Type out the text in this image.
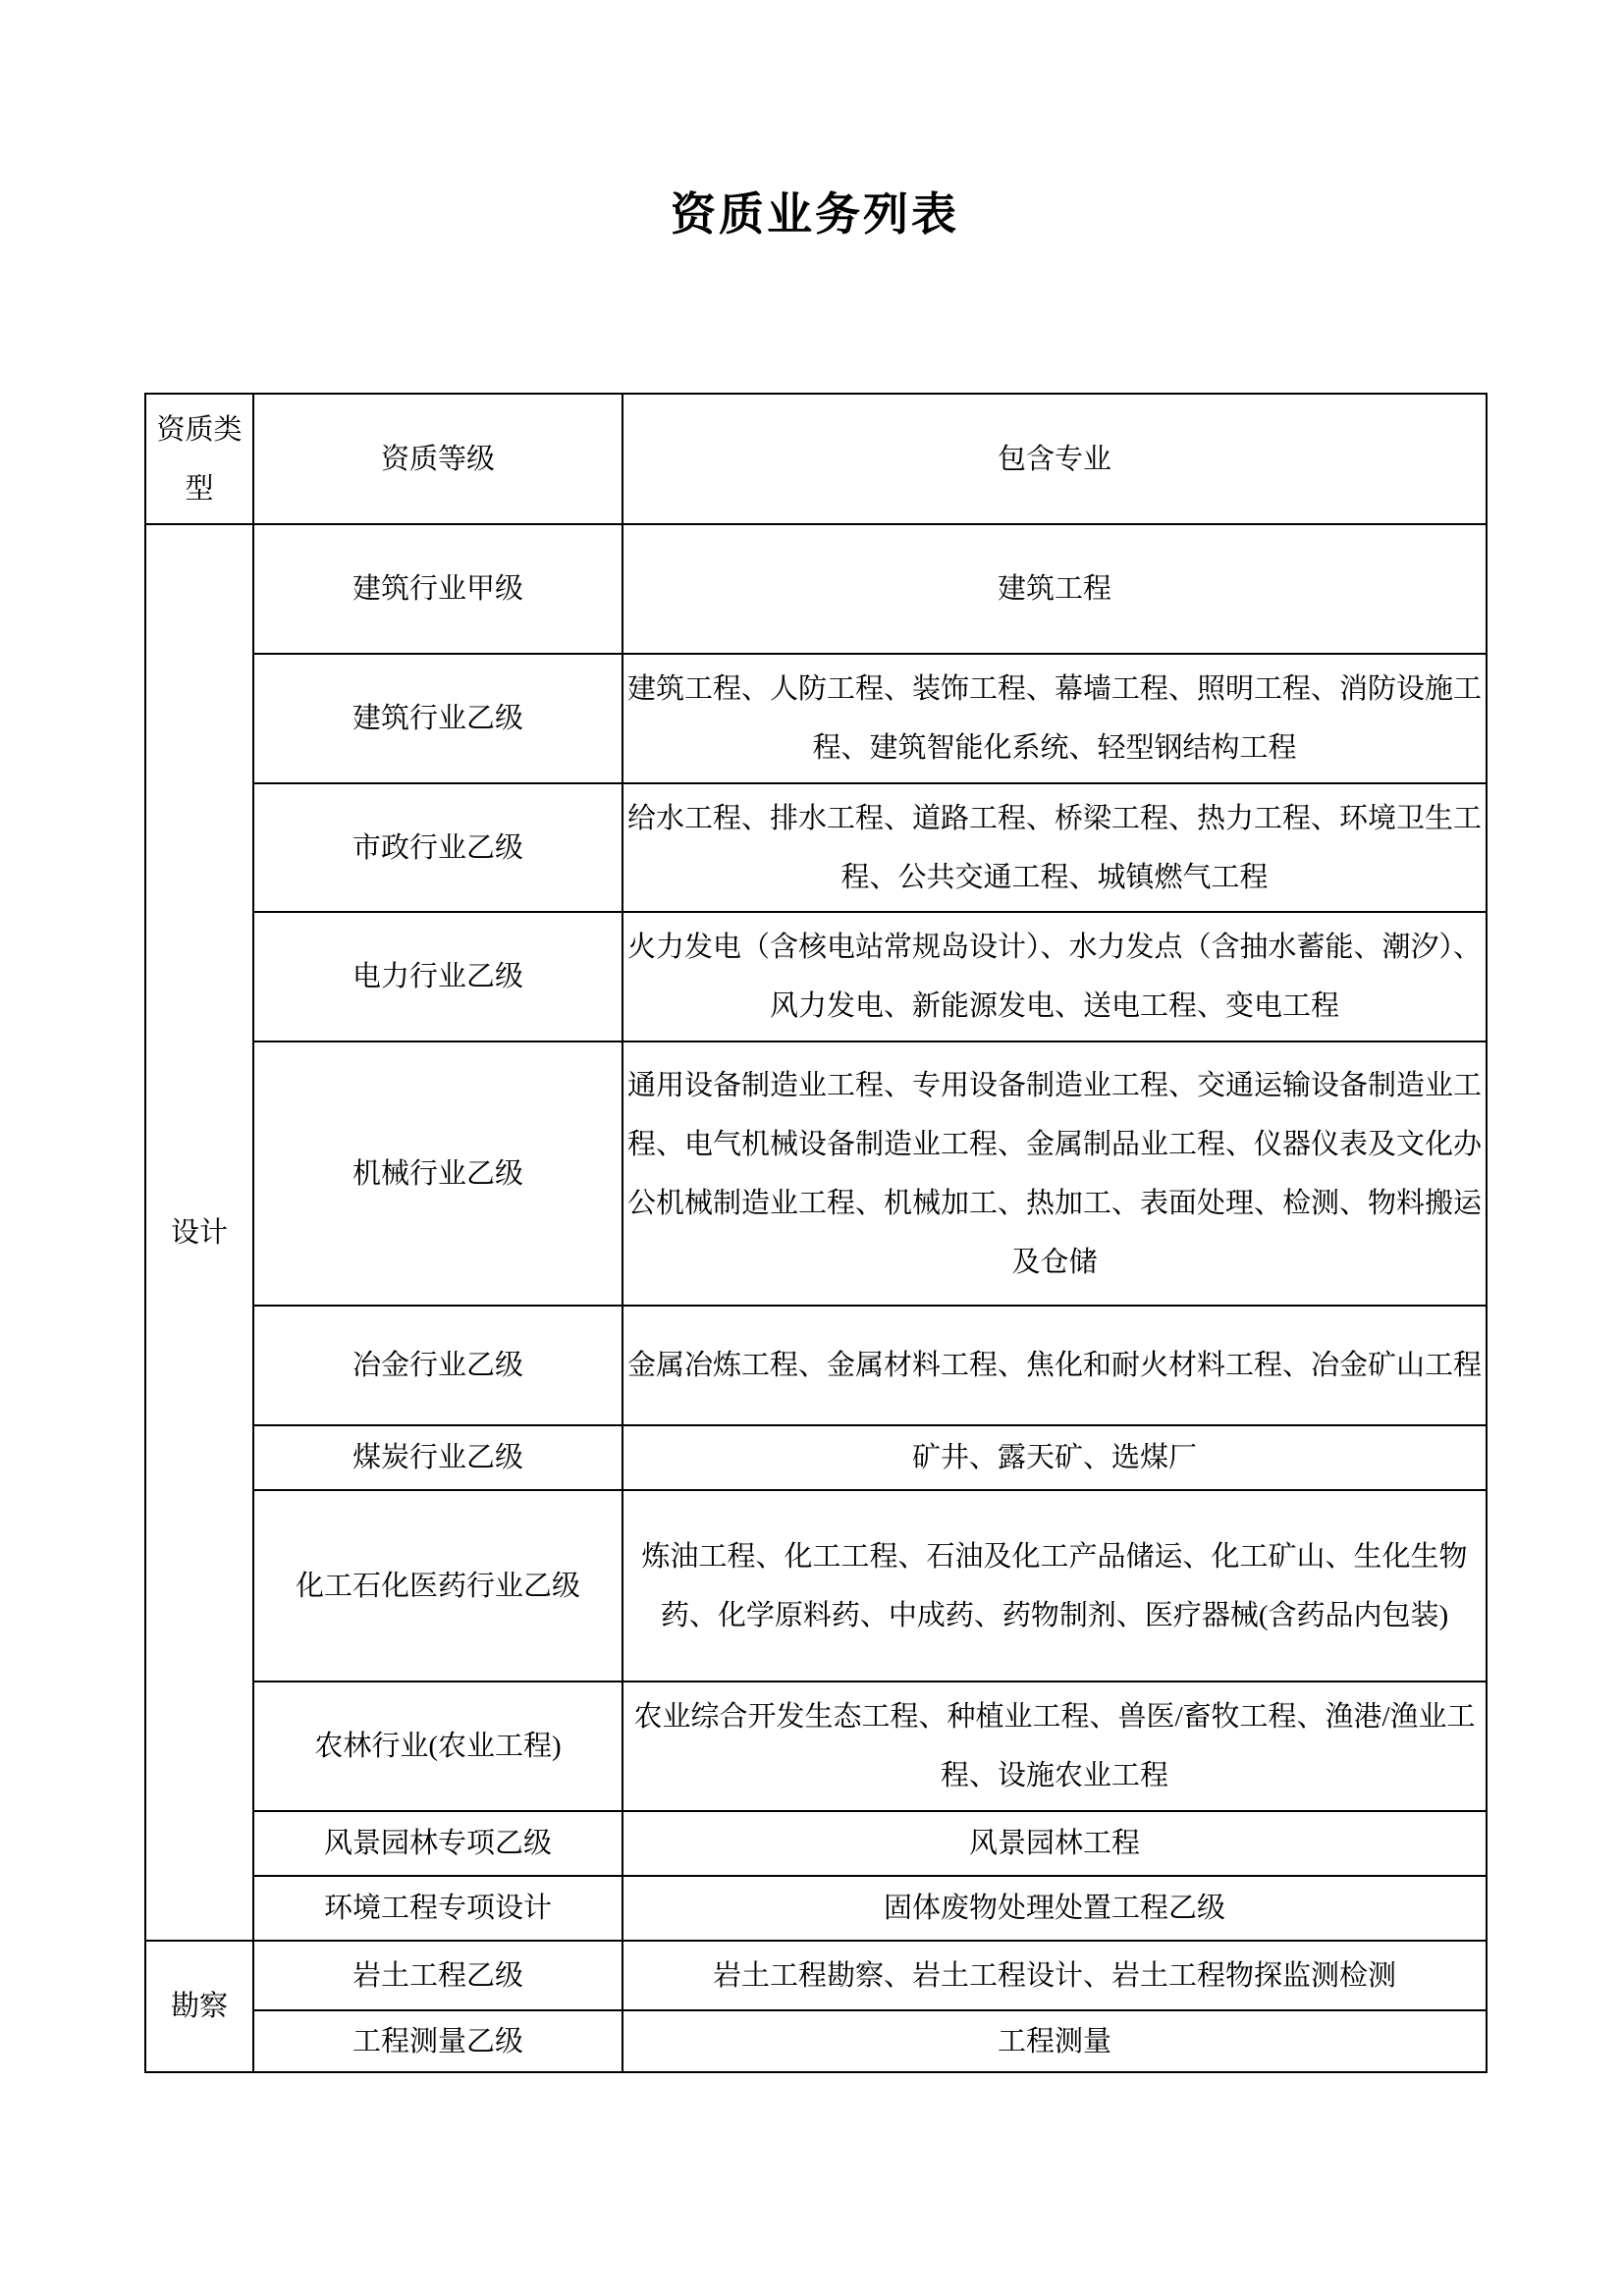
资质业务列表
资质类型	资质等级	包含专业
设计	建筑行业甲级	建筑工程
	建筑行业乙级	建筑工程、人防工程、装饰工程、幕墙工程、照明工程、消防设施工程、建筑智能化系统、轻型钢结构工程
	市政行业乙级	给水工程、排水工程、道路工程、桥梁工程、热力工程、环境卫生工程、公共交通工程、城镇燃气工程
	电力行业乙级	火力发电（含核电站常规岛设计）、水力发点（含抽水蓄能、潮汐）、风力发电、新能源发电、送电工程、变电工程
	机械行业乙级	通用设备制造业工程、专用设备制造业工程、交通运输设备制造业工程、电气机械设备制造业工程、金属制品业工程、仪器仪表及文化办公机械制造业工程、机械加工、热加工、表面处理、检测、物料搬运及仓储
	冶金行业乙级	金属冶炼工程、金属材料工程、焦化和耐火材料工程、冶金矿山工程
	煤炭行业乙级	矿井、露天矿、选煤厂
	化工石化医药行业乙级	炼油工程、化工工程、石油及化工产品储运、化工矿山、生化生物药、化学原料药、中成药、药物制剂、医疗器械(含药品内包装)
	农林行业(农业工程)	农业综合开发生态工程、种植业工程、兽医/畜牧工程、渔港/渔业工程、设施农业工程
	风景园林专项乙级	风景园林工程
	环境工程专项设计	固体废物处理处置工程乙级
勘察	岩土工程乙级	岩土工程勘察、岩土工程设计、岩土工程物探监测检测
	工程测量乙级	工程测量
